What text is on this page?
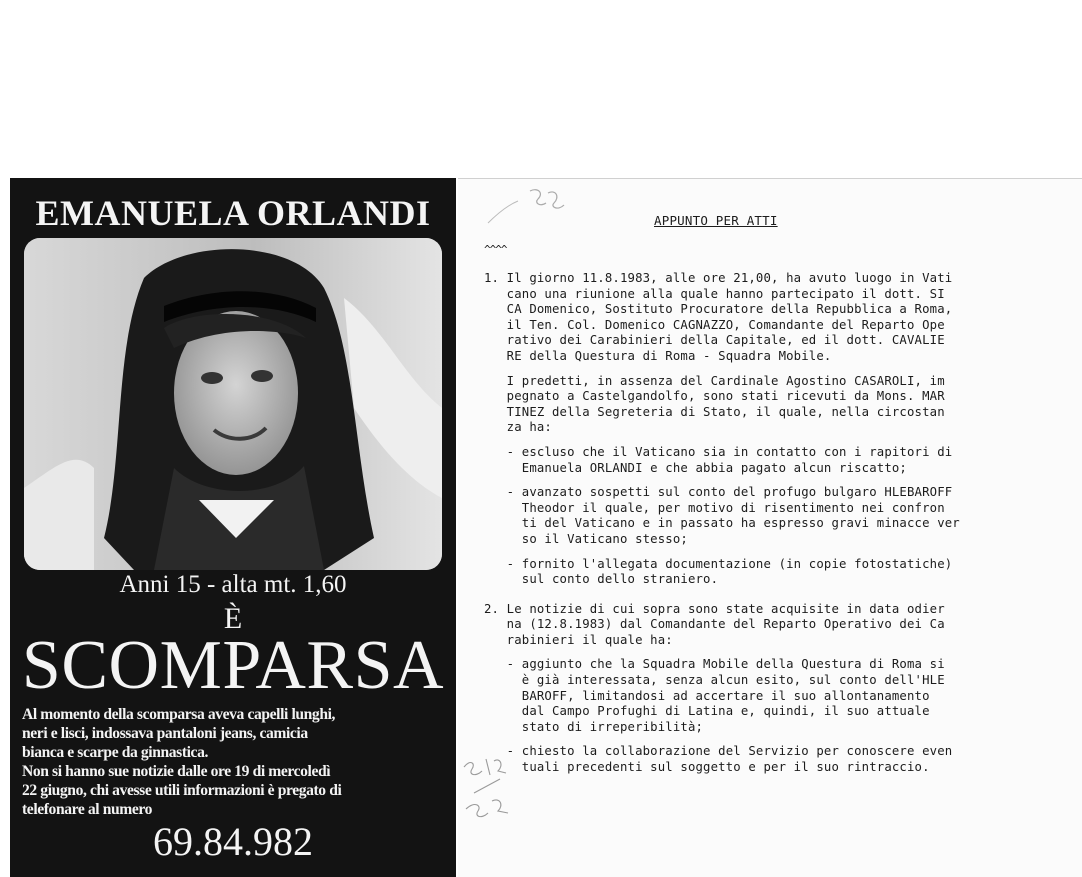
EMANUELA ORLANDI
Anni 15 - alta mt. 1,60
È
SCOMPARSA

Al momento della scomparsa aveva capelli lunghi,

neri e lisci, indossava pantaloni jeans, camicia

bianca e scarpe da ginnastica.

Non si hanno sue notizie dalle ore 19 di mercoledì

22 giugno, chi avesse utili informazioni è pregato di

telefonare al numero

69.84.982
APPUNTO PER ATTI
^^^^
1. Il giorno 11.8.1983, alle ore 21,00, ha avuto luogo in Vati
cano una riunione alla quale hanno partecipato il dott. SI
CA Domenico, Sostituto Procuratore della Repubblica a Roma,
il Ten. Col. Domenico CAGNAZZO, Comandante del Reparto Ope
rativo dei Carabinieri della Capitale, ed il dott. CAVALIE
RE della Questura di Roma - Squadra Mobile.
I predetti, in assenza del Cardinale Agostino CASAROLI, im
pegnato a Castelgandolfo, sono stati ricevuti da Mons. MAR
TINEZ della Segreteria di Stato, il quale, nella circostan
za ha:
- escluso che il Vaticano sia in contatto con i rapitori di
Emanuela ORLANDI e che abbia pagato alcun riscatto;
- avanzato sospetti sul conto del profugo bulgaro HLEBAROFF
Theodor il quale, per motivo di risentimento nei confron
ti del Vaticano e in passato ha espresso gravi minacce ver
so il Vaticano stesso;
- fornito l'allegata documentazione (in copie fotostatiche)
sul conto dello straniero.
2. Le notizie di cui sopra sono state acquisite in data odier
na (12.8.1983) dal Comandante del Reparto Operativo dei Ca
rabinieri il quale ha:
- aggiunto che la Squadra Mobile della Questura di Roma si
è già interessata, senza alcun esito, sul conto dell'HLE
BAROFF, limitandosi ad accertare il suo allontanamento
dal Campo Profughi di Latina e, quindi, il suo attuale
stato di irreperibilità;
- chiesto la collaborazione del Servizio per conoscere even
tuali precedenti sul soggetto e per il suo rintraccio.
